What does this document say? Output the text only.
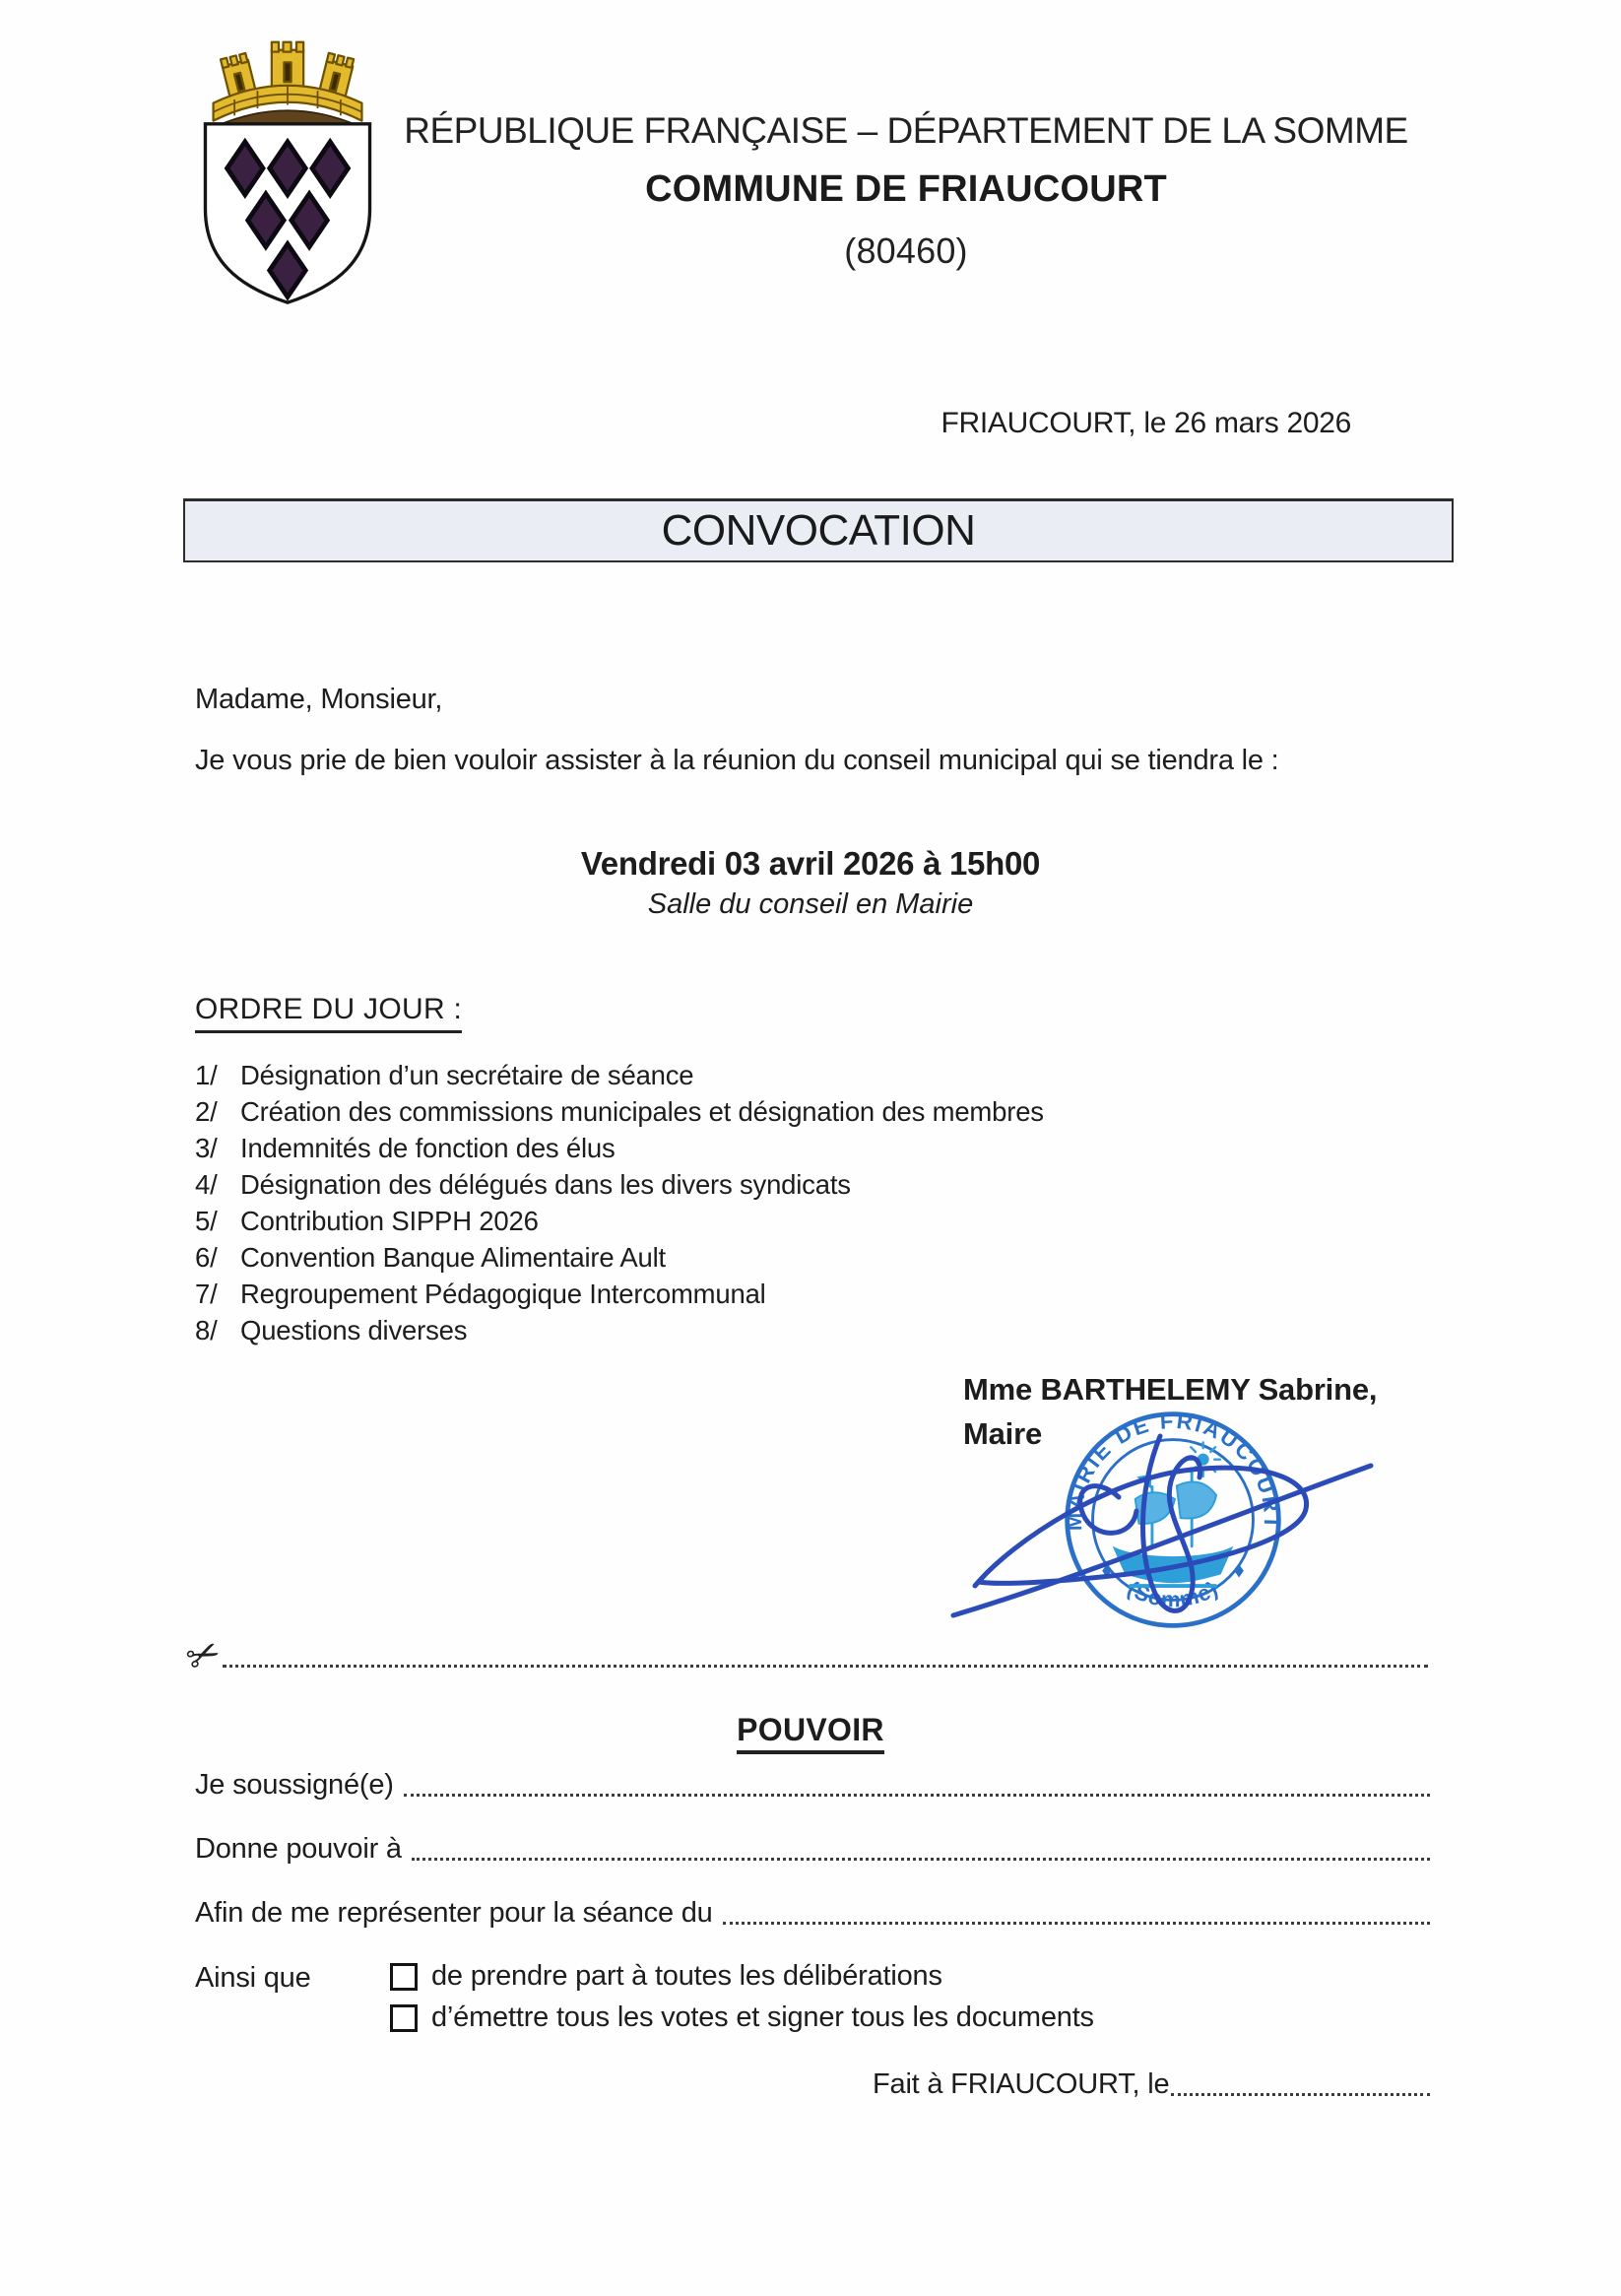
RÉPUBLIQUE FRANÇAISE – DÉPARTEMENT DE LA SOMME
COMMUNE DE FRIAUCOURT
(80460)
FRIAUCOURT, le 26 mars 2026
CONVOCATION
Madame, Monsieur,
Je vous prie de bien vouloir assister à la réunion du conseil municipal qui se tiendra le :
Vendredi 03 avril 2026 à 15h00
Salle du conseil en Mairie
ORDRE DU JOUR :
1/ Désignation d’un secrétaire de séance
2/ Création des commissions municipales et désignation des membres
3/ Indemnités de fonction des élus
4/ Désignation des délégués dans les divers syndicats
5/ Contribution SIPPH 2026
6/ Convention Banque Alimentaire Ault
7/ Regroupement Pédagogique Intercommunal
8/ Questions diverses
Mme BARTHELEMY Sabrine,
Maire
MAIRIE DE FRIAUCOURT
(Somme)
✂
POUVOIR
Je soussigné(e)
Donne pouvoir à
Afin de me représenter pour la séance du
Ainsi que	de prendre part à toutes les délibérations
d’émettre tous les votes et signer tous les documents
Fait à FRIAUCOURT, le
